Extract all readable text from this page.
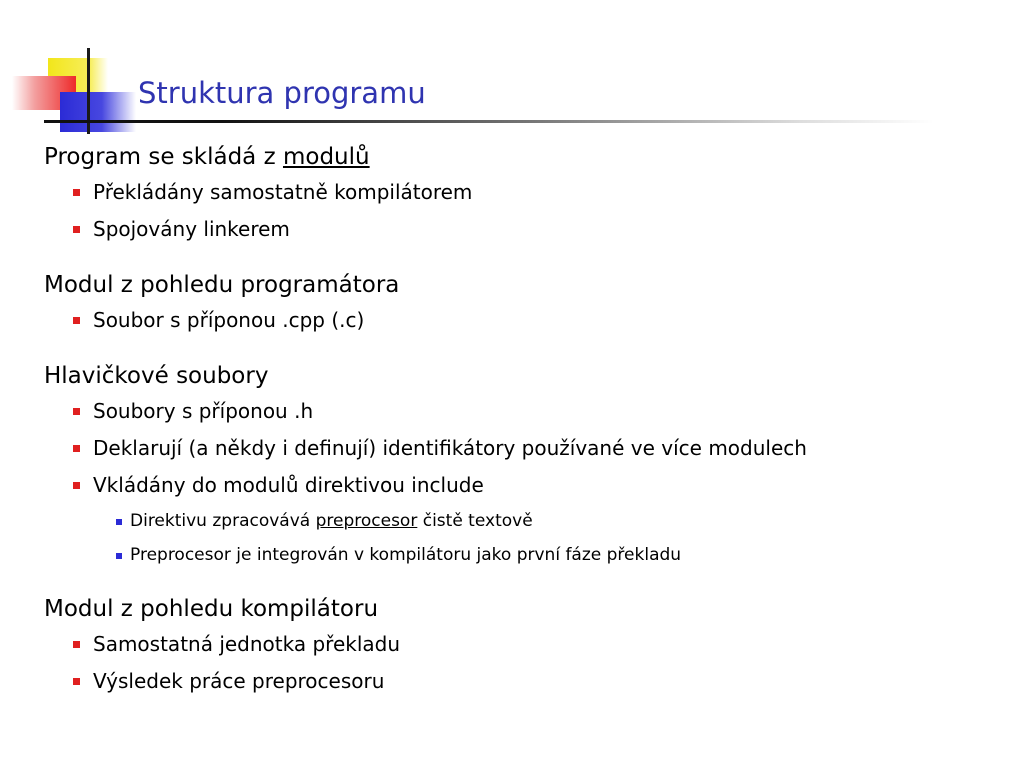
Struktura programu

Program se skládá z modulů

Překládány samostatně kompilátorem
Spojovány linkerem

Modul z pohledu programátora

Soubor s příponou .cpp (.c)

Hlavičkové soubory

Soubory s příponou .h
Deklarují (a někdy i definují) identifikátory používané ve více modulech
Vkládány do modulů direktivou include
Direktivu zpracovává preprocesor čistě textově
Preprocesor je integrován v kompilátoru jako první fáze překladu

Modul z pohledu kompilátoru

Samostatná jednotka překladu
Výsledek práce preprocesoru
